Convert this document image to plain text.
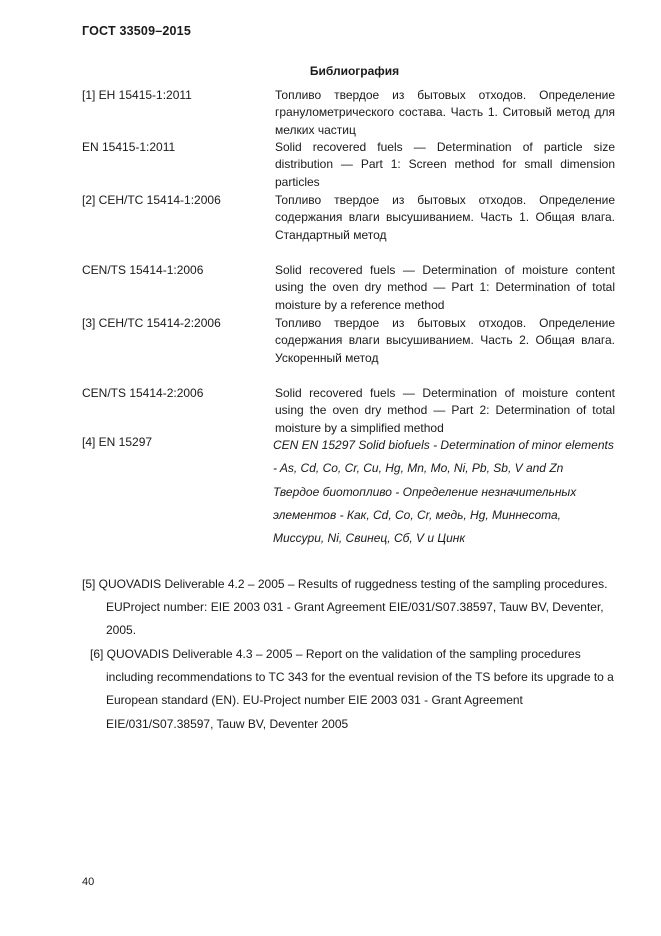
ГОСТ 33509–2015
Библиография
[1] ЕН 15415-1:2011	Топливо твердое из бытовых отходов. Определение гранулометрического состава. Часть 1. Ситовый метод для мелких частиц
EN 15415-1:2011	Solid recovered fuels — Determination of particle size distribution — Part 1: Screen method for small dimension particles
[2] СЕН/ТС 15414-1:2006	Топливо твердое из бытовых отходов. Определение содержания влаги высушиванием. Часть 1. Общая влага. Стандартный метод
CEN/TS 15414-1:2006	Solid recovered fuels — Determination of moisture content using the oven dry method — Part 1: Determination of total moisture by a reference method
[3] СЕН/ТС 15414-2:2006	Топливо твердое из бытовых отходов. Определение содержания влаги высушиванием. Часть 2. Общая влага. Ускоренный метод
CEN/TS 15414-2:2006	Solid recovered fuels — Determination of moisture content using the oven dry method — Part 2: Determination of total moisture by a simplified method
[4] EN 15297	CEN EN 15297 Solid biofuels - Determination of minor elements - As, Cd, Co, Cr, Cu, Hg, Mn, Mo, Ni, Pb, Sb, V and Zn

Твердое биотопливо - Определение незначительных элементов - Как, Cd, Co, Cr, медь, Hg, Миннесота, Миссури, Ni, Свинец, Сб, V и Цинк

[5] QUOVADIS Deliverable 4.2 – 2005 – Results of ruggedness testing of the sampling procedures. EUProject number: EIE 2003 031 - Grant Agreement EIE/031/S07.38597, Tauw BV, Deventer, 2005.

[6] QUOVADIS Deliverable 4.3 – 2005 – Report on the validation of the sampling procedures including recommendations to TC 343 for the eventual revision of the TS before its upgrade to a European standard (EN). EU-Project number EIE 2003 031 - Grant Agreement EIE/031/S07.38597, Tauw BV, Deventer 2005

40
